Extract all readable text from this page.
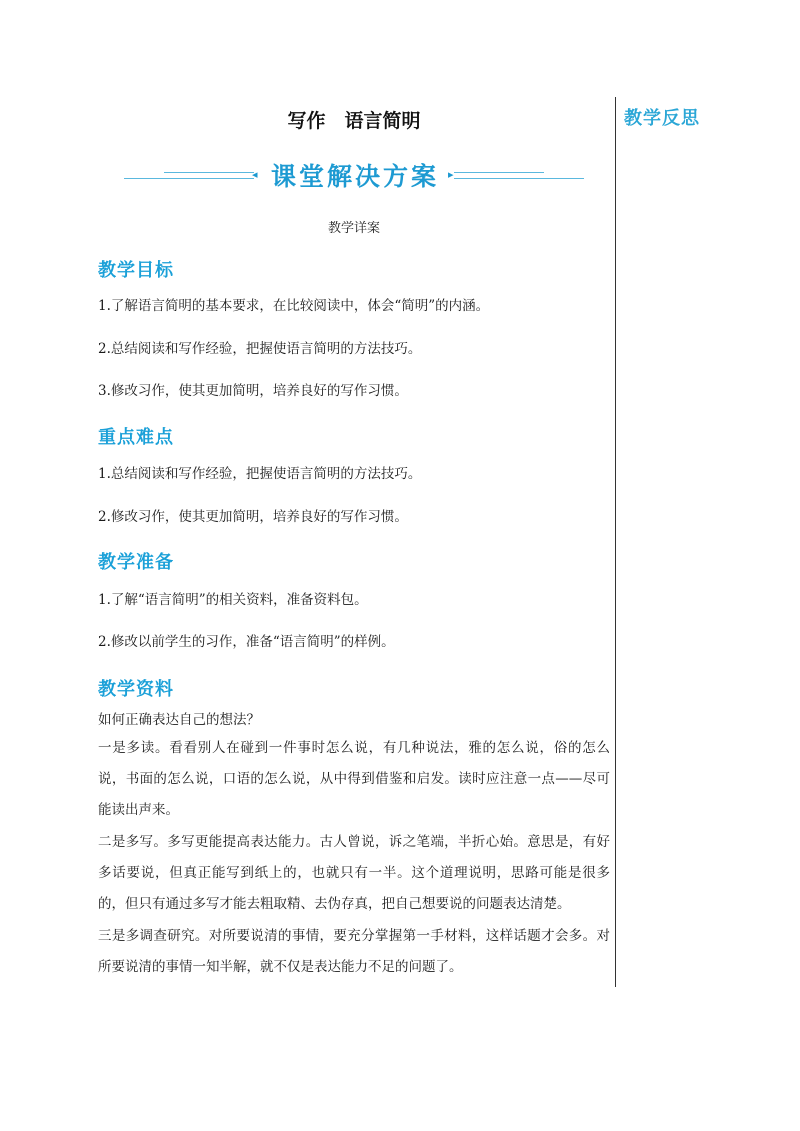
教学反思
写作　语言简明
◂	▸
课堂解决方案
教学详案
教学目标
1.了解语言简明的基本要求，在比较阅读中，体会“简明”的内涵。
2.总结阅读和写作经验，把握使语言简明的方法技巧。
3.修改习作，使其更加简明，培养良好的写作习惯。
重点难点
1.总结阅读和写作经验，把握使语言简明的方法技巧。
2.修改习作，使其更加简明，培养良好的写作习惯。
教学准备
1.了解“语言简明”的相关资料，准备资料包。
2.修改以前学生的习作，准备“语言简明”的样例。
教学资料
如何正确表达自己的想法？
一是多读。看看别人在碰到一件事时怎么说，有几种说法，雅的怎么说，俗的怎么说，书面的怎么说，口语的怎么说，从中得到借鉴和启发。读时应注意一点——尽可能读出声来。
二是多写。多写更能提高表达能力。古人曾说，诉之笔端，半折心始。意思是，有好多话要说，但真正能写到纸上的，也就只有一半。这个道理说明，思路可能是很多的，但只有通过多写才能去粗取精、去伪存真，把自己想要说的问题表达清楚。
三是多调查研究。对所要说清的事情，要充分掌握第一手材料，这样话题才会多。对所要说清的事情一知半解，就不仅是表达能力不足的问题了。
